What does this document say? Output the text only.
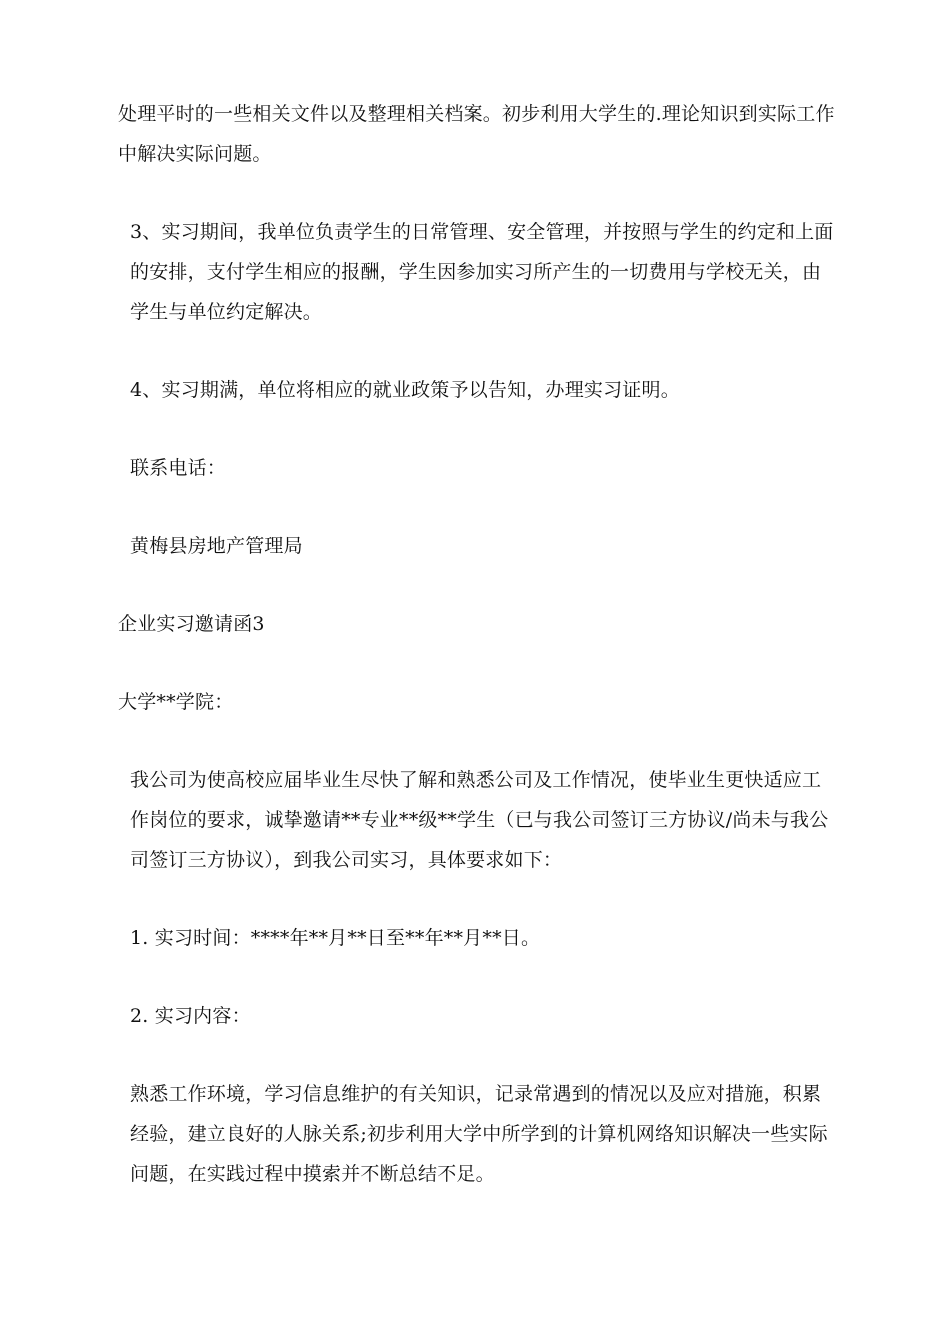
处理平时的一些相关文件以及整理相关档案。初步利用大学生的.理论知识到实际工作中解决实际问题。

3、实习期间，我单位负责学生的日常管理、安全管理，并按照与学生的约定和上面的安排，支付学生相应的报酬，学生因参加实习所产生的一切费用与学校无关，由学生与单位约定解决。

4、实习期满，单位将相应的就业政策予以告知，办理实习证明。

联系电话：

黄梅县房地产管理局

企业实习邀请函3

大学**学院：

我公司为使高校应届毕业生尽快了解和熟悉公司及工作情况，使毕业生更快适应工作岗位的要求，诚挚邀请**专业**级**学生（已与我公司签订三方协议/尚未与我公司签订三方协议），到我公司实习，具体要求如下：

1. 实习时间：****年**月**日至**年**月**日。

2. 实习内容：

熟悉工作环境，学习信息维护的有关知识，记录常遇到的情况以及应对措施，积累经验，建立良好的人脉关系;初步利用大学中所学到的计算机网络知识解决一些实际问题，在实践过程中摸索并不断总结不足。
